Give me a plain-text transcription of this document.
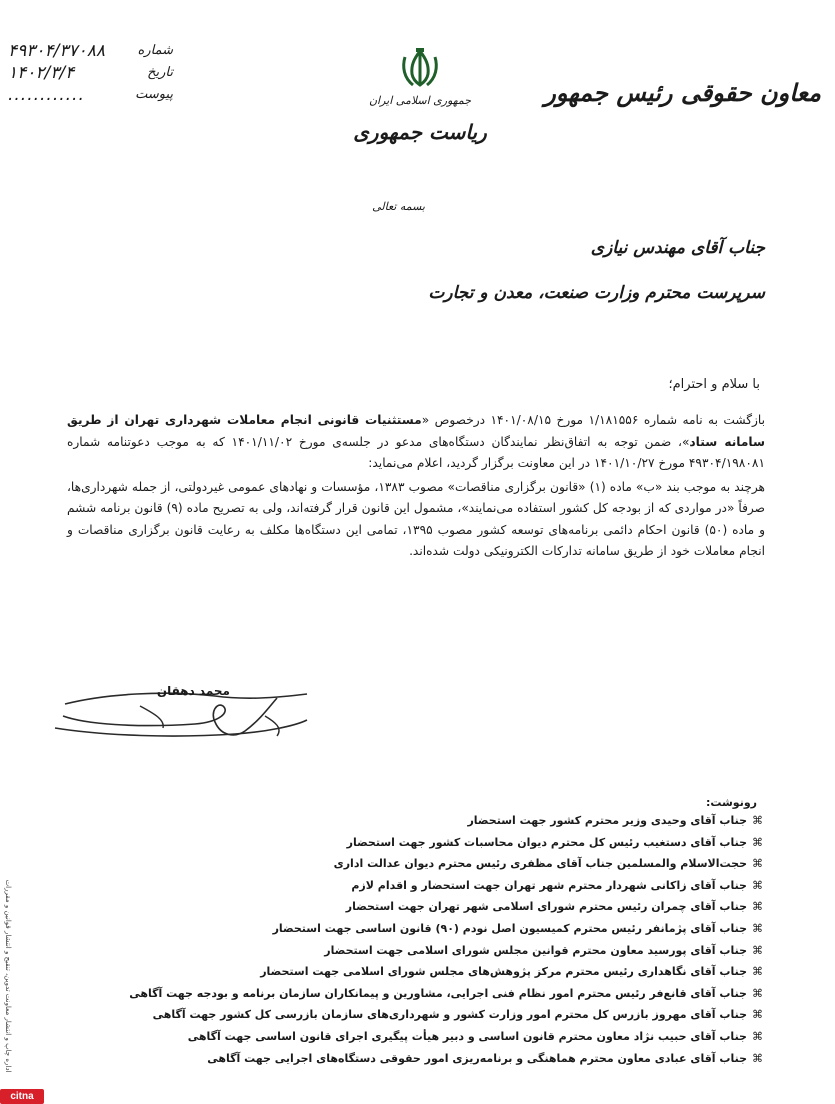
معاون حقوقی رئیس جمهور
جمهوری اسلامی ایران
ریاست جمهوری
شماره
۴۹۳۰۴/۳۷۰۸۸
تاریخ
۱۴۰۲/۳/۴
پیوست
............
بسمه تعالی
جناب آقای مهندس نیازی
سرپرست محترم وزارت صنعت، معدن و تجارت
با سلام و احترام؛

بازگشت به نامه شماره ۱/۱۸۱۵۵۶ مورخ ۱۴۰۱/۰۸/۱۵ درخصوص «مستثنیات قانونی انجام معاملات شهرداری تهران از طریق سامانه ستاد»، ضمن توجه به اتفاق‌نظر نمایندگان دستگاه‌های مدعو در جلسه‌ی مورخ ۱۴۰۱/۱۱/۰۲ که به موجب دعوتنامه شماره ۴۹۳۰۴/۱۹۸۰۸۱ مورخ ۱۴۰۱/۱۰/۲۷ در این معاونت برگزار گردید، اعلام می‌نماید:

هرچند به موجب بند «ب» ماده (۱) «قانون برگزاری مناقصات» مصوب ۱۳۸۳، مؤسسات و نهادهای عمومی غیردولتی، از جمله شهرداری‌ها، صرفاً «در مواردی که از بودجه کل کشور استفاده می‌نمایند»، مشمول این قانون قرار گرفته‌اند، ولی به تصریح ماده (۹) قانون برنامه ششم و ماده (۵۰) قانون احکام دائمی برنامه‌های توسعه کشور مصوب ۱۳۹۵، تمامی این دستگاه‌ها مکلف به رعایت قانون برگزاری مناقصات و انجام معاملات خود از طریق سامانه تدارکات الکترونیکی دولت شده‌اند.

محمد دهقان
رونوشت:
⌘
جناب آقای وحیدی وزیر محترم کشور جهت استحضار
⌘
جناب آقای دستغیب رئیس کل محترم دیوان محاسبات کشور جهت استحضار
⌘
حجت‌الاسلام والمسلمین جناب آقای مظفری رئیس محترم دیوان عدالت اداری
⌘
جناب آقای زاکانی شهردار محترم شهر تهران جهت استحضار و اقدام لازم
⌘
جناب آقای چمران رئیس محترم شورای اسلامی شهر تهران جهت استحضار
⌘
جناب آقای پژمانفر رئیس محترم کمیسیون اصل نودم (۹۰) قانون اساسی جهت استحضار
⌘
جناب آقای پورسید معاون محترم قوانین مجلس شورای اسلامی جهت استحضار
⌘
جناب آقای نگاهداری رئیس محترم مرکز پژوهش‌های مجلس شورای اسلامی جهت استحضار
⌘
جناب آقای قانع‌فر رئیس محترم امور نظام فنی اجرایی، مشاورین و پیمانکاران سازمان برنامه و بودجه جهت آگاهی
⌘
جناب آقای مهروز بازرس کل محترم امور وزارت کشور و شهرداری‌های سازمان بازرسی کل کشور جهت آگاهی
⌘
جناب آقای حبیب نژاد معاون محترم قانون اساسی و دبیر هیأت پیگیری اجرای قانون اساسی جهت آگاهی
⌘
جناب آقای عبادی معاون محترم هماهنگی و برنامه‌ریزی امور حقوقی دستگاه‌های اجرایی جهت آگاهی
اداره چاپ و انتشار معاونت تدوین، تنقیح و انتشار قوانین و مقررات
citna
